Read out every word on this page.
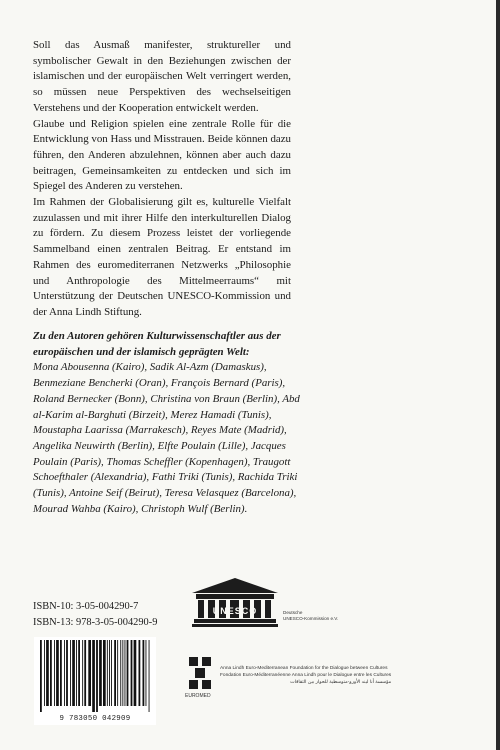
Soll das Ausmaß manifester, struktureller und symbolischer Gewalt in den Beziehungen zwischen der islamischen und der europäischen Welt verringert werden, so müssen neue Perspektiven des wechselseitigen Verstehens und der Kooperation entwickelt werden.

Glaube und Religion spielen eine zentrale Rolle für die Entwicklung von Hass und Misstrauen. Beide können dazu führen, den Anderen abzulehnen, können aber auch dazu beitragen, Gemeinsamkeiten zu entdecken und sich im Spiegel des Anderen zu verstehen.

Im Rahmen der Globalisierung gilt es, kulturelle Vielfalt zuzulassen und mit ihrer Hilfe den interkulturellen Dialog zu fördern. Zu diesem Prozess leistet der vorliegende Sammelband einen zentralen Beitrag. Er entstand im Rahmen des euromediterranen Netzwerks „Philosophie und Anthropologie des Mittelmeerraums“ mit Unterstützung der Deutschen UNESCO-Kommission und der Anna Lindh Stiftung.

Zu den Autoren gehören Kulturwissenschaftler aus der europäischen und der islamisch geprägten Welt:
Mona Abousenna (Kairo), Sadik Al-Azm (Damaskus), Benmeziane Bencherki (Oran), François Bernard (Paris), Roland Bernecker (Bonn), Christina von Braun (Berlin), Abd al-Karim al-Barghuti (Birzeit), Merez Hamadi (Tunis), Moustapha Laarissa (Marrakesch), Reyes Mate (Madrid), Angelika Neuwirth (Berlin), Elfte Poulain (Lille), Jacques Poulain (Paris), Thomas Scheffler (Kopenhagen), Traugott Schoefthaler (Alexandria), Fathi Triki (Tunis), Rachida Triki (Tunis), Antoine Seif (Beirut), Teresa Velasquez (Barcelona), Mourad Wahba (Kairo), Christoph Wulf (Berlin).
ISBN-10: 3-05-004290-7
ISBN-13: 978-3-05-004290-9
9 783050 042909
UNESCO	Deutsche
UNESCO-Kommission e.V.
Anna Lindh Euro-Mediterranean Foundation for the Dialogue between Cultures
Fondation Euro-Méditerranéenne Anna Lindh pour le Dialogue entre les Cultures
مؤسسة أنا ليند الأورو-متوسطية للحوار بين الثقافات
EUROMED
